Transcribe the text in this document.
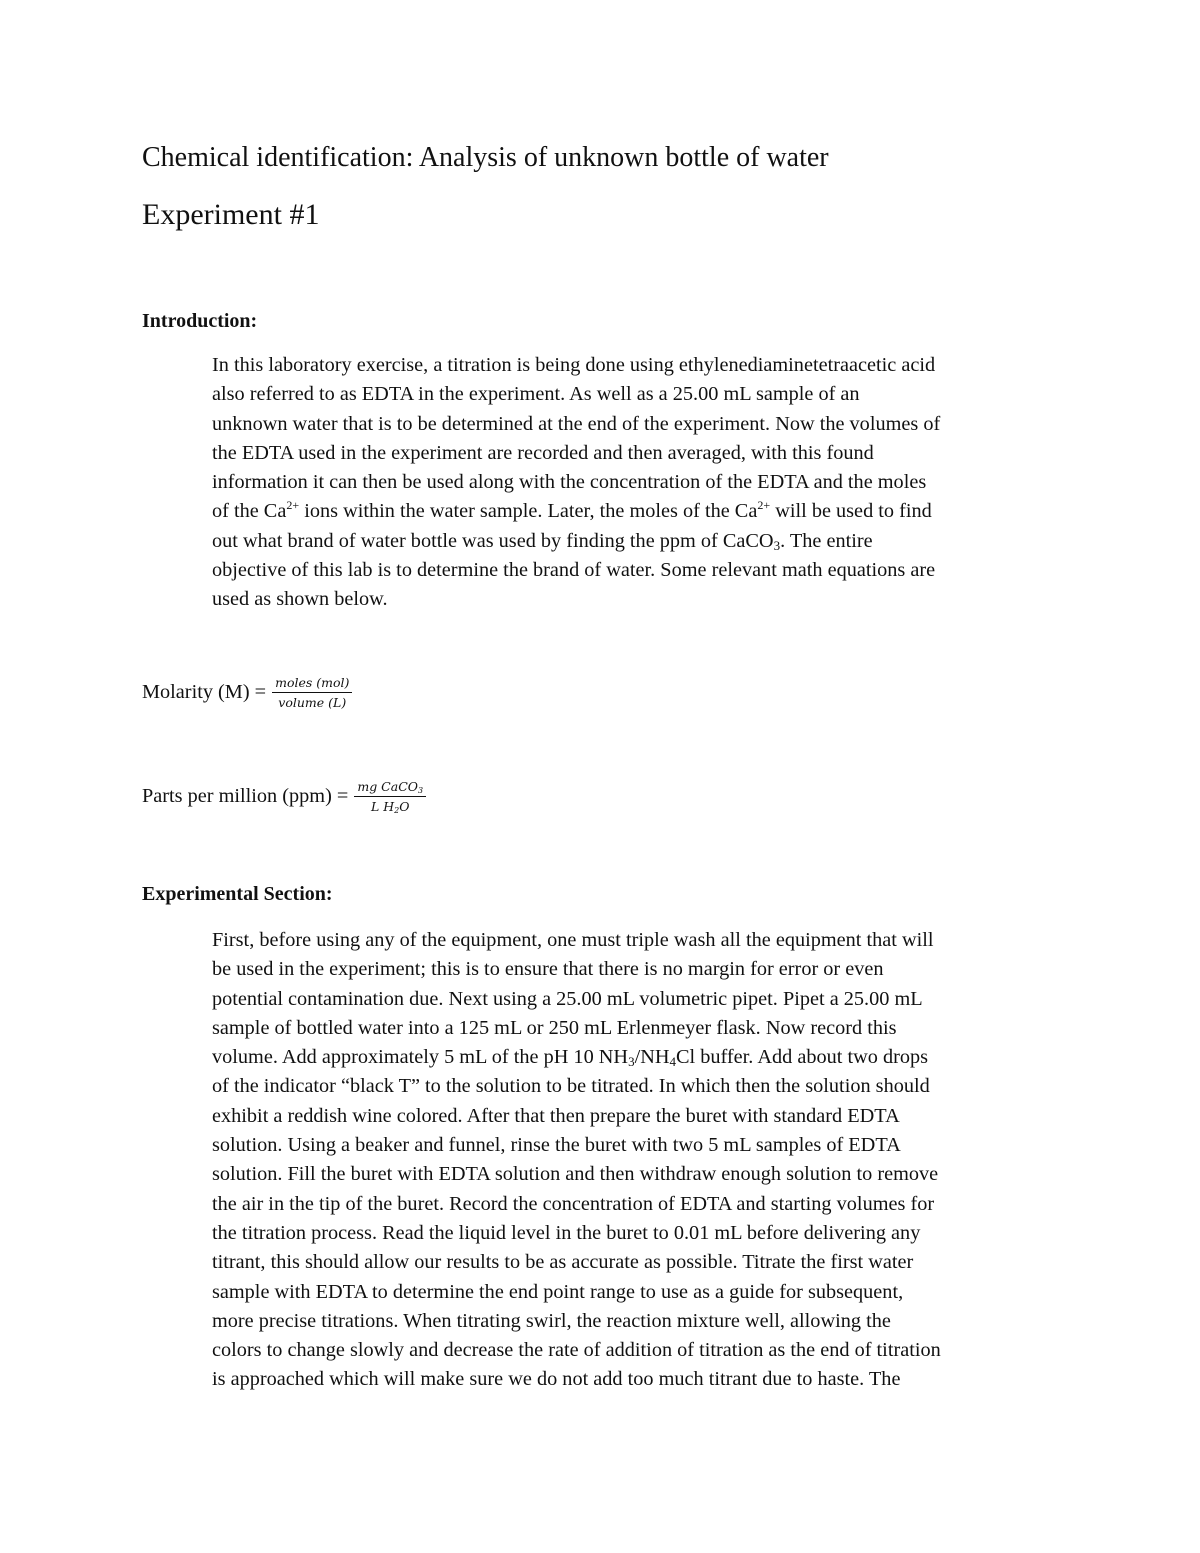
Chemical identification: Analysis of unknown bottle of water
Experiment #1
Introduction:
In this laboratory exercise, a titration is being done using ethylenediaminetetraacetic acid
also referred to as EDTA in the experiment. As well as a 25.00 mL sample of an
unknown water that is to be determined at the end of the experiment. Now the volumes of
the EDTA used in the experiment are recorded and then averaged, with this found
information it can then be used along with the concentration of the EDTA and the moles
of the $Ca^{2+}$ ions within the water sample. Later, the moles of the $Ca^{2+}$ will be used to find
out what brand of water bottle was used by finding the ppm of CaCO$_3$. The entire
objective of this lab is to determine the brand of water. Some relevant math equations are
used as shown below.
Molarity $(M) = \frac{\text{moles (mol)}}{\text{volume (L)}}$
Parts per million $(ppm) = \frac{mg CaCO_3}{L H_2O}$
Experimental Section:
First, before using any of the equipment, one must triple wash all the equipment that will
be used in the experiment; this is to ensure that there is no margin for error or even
potential contamination due. Next using a 25.00 mL volumetric pipet. Pipet a 25.00 mL
sample of bottled water into a 125 mL or 250 mL Erlenmeyer flask. Now record this
volume. Add approximately 5 mL of the pH 10 $NH_3/NH_4Cl$ buffer. Add about two drops
of the indicator “black T” to the solution to be titrated. In which then the solution should
exhibit a reddish wine colored. After that then prepare the buret with standard EDTA
solution. Using a beaker and funnel, rinse the buret with two 5 mL samples of EDTA
solution. Fill the buret with EDTA solution and then withdraw enough solution to remove
the air in the tip of the buret. Record the concentration of EDTA and starting volumes for
the titration process. Read the liquid level in the buret to 0.01 mL before delivering any
titrant, this should allow our results to be as accurate as possible. Titrate the first water
sample with EDTA to determine the end point range to use as a guide for subsequent,
more precise titrations. When titrating swirl, the reaction mixture well, allowing the
colors to change slowly and decrease the rate of addition of titration as the end of titration
is approached which will make sure we do not add too much titrant due to haste. The
